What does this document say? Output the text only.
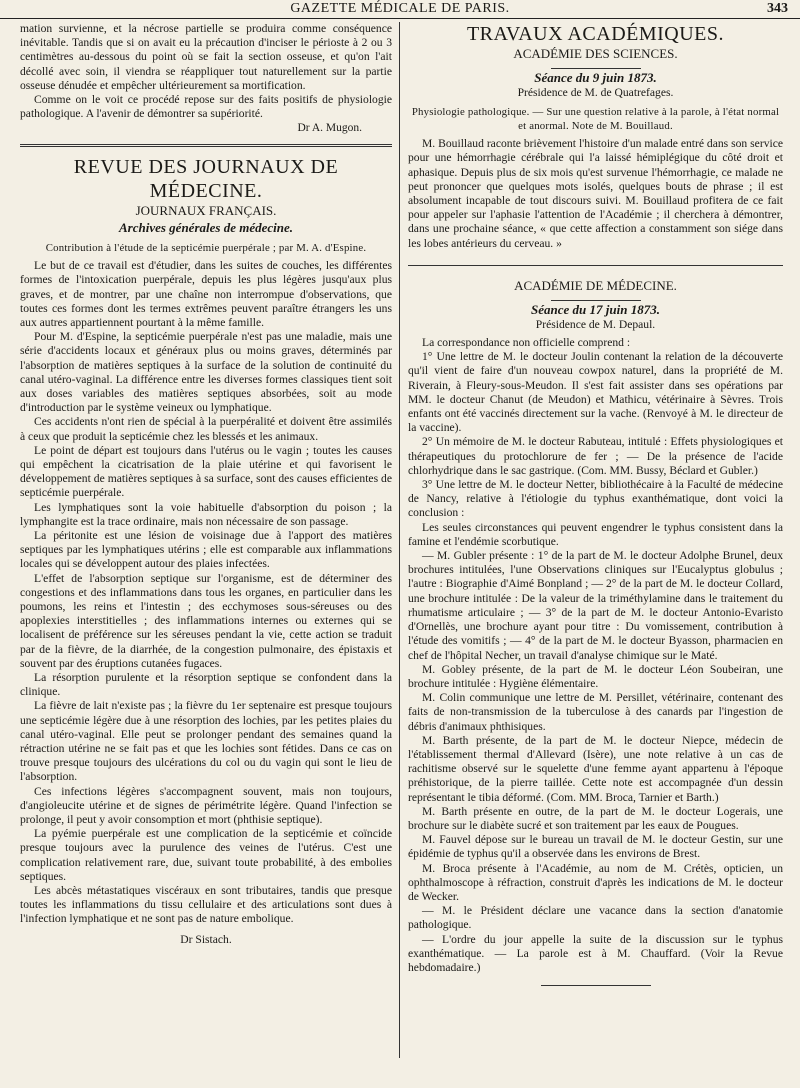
GAZETTE MÉDICALE DE PARIS.	343

mation survienne, et la nécrose partielle se produira comme conséquence inévitable. Tandis que si on avait eu la précaution d'inciser le périoste à 2 ou 3 centimètres au-dessous du point où se fait la section osseuse, et qu'on l'ait décollé avec soin, il viendra se réappliquer tout naturellement sur la partie osseuse dénudée et empêcher ultérieurement sa mortification.

Comme on le voit ce procédé repose sur des faits positifs de physiologie pathologique. A l'avenir de démontrer sa supériorité.

Dr A. Mugon.
REVUE DES JOURNAUX DE MÉDECINE.
JOURNAUX FRANÇAIS.
Archives générales de médecine.
Contribution à l'étude de la septicémie puerpérale ; par M. A. d'Espine.

Le but de ce travail est d'étudier, dans les suites de couches, les différentes formes de l'intoxication puerpérale, depuis les plus légères jusqu'aux plus graves, et de montrer, par une chaîne non interrompue d'observations, que toutes ces formes dont les termes extrêmes peuvent paraître étrangers les uns aux autres appartiennent pourtant à la même famille.

Pour M. d'Espine, la septicémie puerpérale n'est pas une maladie, mais une série d'accidents locaux et généraux plus ou moins graves, déterminés par l'absorption de matières septiques à la surface de la solution de continuité du canal utéro-vaginal. La différence entre les diverses formes classiques tient soit aux doses variables des matières septiques absorbées, soit au mode d'introduction par le système veineux ou lymphatique.

Ces accidents n'ont rien de spécial à la puerpéralité et doivent être assimilés à ceux que produit la septicémie chez les blessés et les animaux.

Le point de départ est toujours dans l'utérus ou le vagin ; toutes les causes qui empêchent la cicatrisation de la plaie utérine et qui favorisent le développement de matières septiques à sa surface, sont des causes efficientes de septicémie puerpérale.

Les lymphatiques sont la voie habituelle d'absorption du poison ; la lymphangite est la trace ordinaire, mais non nécessaire de son passage.

La péritonite est une lésion de voisinage due à l'apport des matières septiques par les lymphatiques utérins ; elle est comparable aux inflammations locales qui se développent autour des plaies infectées.

L'effet de l'absorption septique sur l'organisme, est de déterminer des congestions et des inflammations dans tous les organes, en particulier dans les poumons, les reins et l'intestin ; des ecchymoses sous-séreuses ou des apoplexies interstitielles ; des inflammations internes ou externes qui se localisent de préférence sur les séreuses pendant la vie, cette action se traduit par de la fièvre, de la diarrhée, de la congestion pulmonaire, des épistaxis et souvent par des éruptions cutanées fugaces.

La résorption purulente et la résorption septique se confondent dans la clinique.

La fièvre de lait n'existe pas ; la fièvre du 1er septenaire est presque toujours une septicémie légère due à une résorption des lochies, par les petites plaies du canal utéro-vaginal. Elle peut se prolonger pendant des semaines quand la rétraction utérine ne se fait pas et que les lochies sont fétides. Dans ce cas on trouve presque toujours des ulcérations du col ou du vagin qui sont le lieu de l'absorption.

Ces infections légères s'accompagnent souvent, mais non toujours, d'angioleucite utérine et de signes de périmétrite légère. Quand l'infection se prolonge, il peut y avoir consomption et mort (phthisie septique).

La pyémie puerpérale est une complication de la septicémie et coïncide presque toujours avec la purulence des veines de l'utérus. C'est une complication relativement rare, due, suivant toute probabilité, à des embolies septiques.

Les abcès métastatiques viscéraux en sont tributaires, tandis que presque toutes les inflammations du tissu cellulaire et des articulations sont dues à l'infection lymphatique et ne sont pas de nature embolique.

Dr Sistach.
TRAVAUX ACADÉMIQUES.
ACADÉMIE DES SCIENCES.
Séance du 9 juin 1873.
Présidence de M. de Quatrefages.
Physiologie pathologique. — Sur une question relative à la parole, à l'état normal et anormal. Note de M. Bouillaud.

M. Bouillaud raconte brièvement l'histoire d'un malade entré dans son service pour une hémorrhagie cérébrale qui l'a laissé hémiplégique du côté droit et aphasique. Depuis plus de six mois qu'est survenue l'hémorrhagie, ce malade ne peut prononcer que quelques mots isolés, quelques bouts de phrase ; il est absolument incapable de tout discours suivi. M. Bouillaud profitera de ce fait pour appeler sur l'aphasie l'attention de l'Académie ; il cherchera à démontrer, dans une prochaine séance, « que cette affection a constamment son siége dans les lobes antérieurs du cerveau. »

ACADÉMIE DE MÉDECINE.
Séance du 17 juin 1873.
Présidence de M. Depaul.

La correspondance non officielle comprend :

1° Une lettre de M. le docteur Joulin contenant la relation de la découverte qu'il vient de faire d'un nouveau cowpox naturel, dans la propriété de M. Riverain, à Fleury-sous-Meudon. Il s'est fait assister dans ses opérations par MM. le docteur Chanut (de Meudon) et Mathicu, vétérinaire à Sèvres. Trois enfants ont été vaccinés directement sur la vache. (Renvoyé à M. le directeur de la vaccine).

2° Un mémoire de M. le docteur Rabuteau, intitulé : Effets physiologiques et thérapeutiques du protochlorure de fer ; — De la présence de l'acide chlorhydrique dans le sac gastrique. (Com. MM. Bussy, Béclard et Gubler.)

3° Une lettre de M. le docteur Netter, bibliothécaire à la Faculté de médecine de Nancy, relative à l'étiologie du typhus exanthématique, dont voici la conclusion :

Les seules circonstances qui peuvent engendrer le typhus consistent dans la famine et l'endémie scorbutique.

— M. Gubler présente : 1° de la part de M. le docteur Adolphe Brunel, deux brochures intitulées, l'une Observations cliniques sur l'Eucalyptus globulus ; l'autre : Biographie d'Aimé Bonpland ; — 2° de la part de M. le docteur Collard, une brochure intitulée : De la valeur de la triméthylamine dans le traitement du rhumatisme articulaire ; — 3° de la part de M. le docteur Antonio-Evaristo d'Ornellès, une brochure ayant pour titre : Du vomissement, contribution à l'étude des vomitifs ; — 4° de la part de M. le docteur Byasson, pharmacien en chef de l'hôpital Necher, un travail d'analyse chimique sur le Maté.

M. Gobley présente, de la part de M. le docteur Léon Soubeiran, une brochure intitulée : Hygiène élémentaire.

M. Colin communique une lettre de M. Persillet, vétérinaire, contenant des faits de non-transmission de la tuberculose à des canards par l'ingestion de débris d'animaux phthisiques.

M. Barth présente, de la part de M. le docteur Niepce, médecin de l'établissement thermal d'Allevard (Isère), une note relative à un cas de rachitisme observé sur le squelette d'une femme ayant appartenu à l'époque préhistorique, de la pierre taillée. Cette note est accompagnée d'un dessin représentant le tibia déformé. (Com. MM. Broca, Tarnier et Barth.)

M. Barth présente en outre, de la part de M. le docteur Logerais, une brochure sur le diabète sucré et son traitement par les eaux de Pougues.

M. Fauvel dépose sur le bureau un travail de M. le docteur Gestin, sur une épidémie de typhus qu'il a observée dans les environs de Brest.

M. Broca présente à l'Académie, au nom de M. Crétès, opticien, un ophthalmoscope à réfraction, construit d'après les indications de M. le docteur de Wecker.

— M. le Président déclare une vacance dans la section d'anatomie pathologique.

— L'ordre du jour appelle la suite de la discussion sur le typhus exanthématique. — La parole est à M. Chauffard. (Voir la Revue hebdomadaire.)
